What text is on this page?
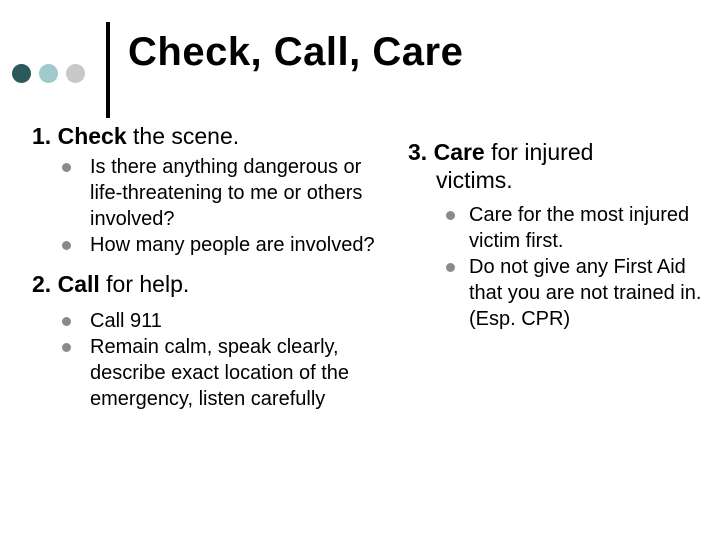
Check, Call, Care

1. Check the scene.

Is there anything dangerous or life-threatening to me or others involved?

How many people are involved?

2. Call for help.

Call 911

Remain calm, speak clearly, describe exact location of the emergency, listen carefully

3. Care for injured
victims.

Care for the most injured victim first.

Do not give any First Aid that you are not trained in. (Esp. CPR)
